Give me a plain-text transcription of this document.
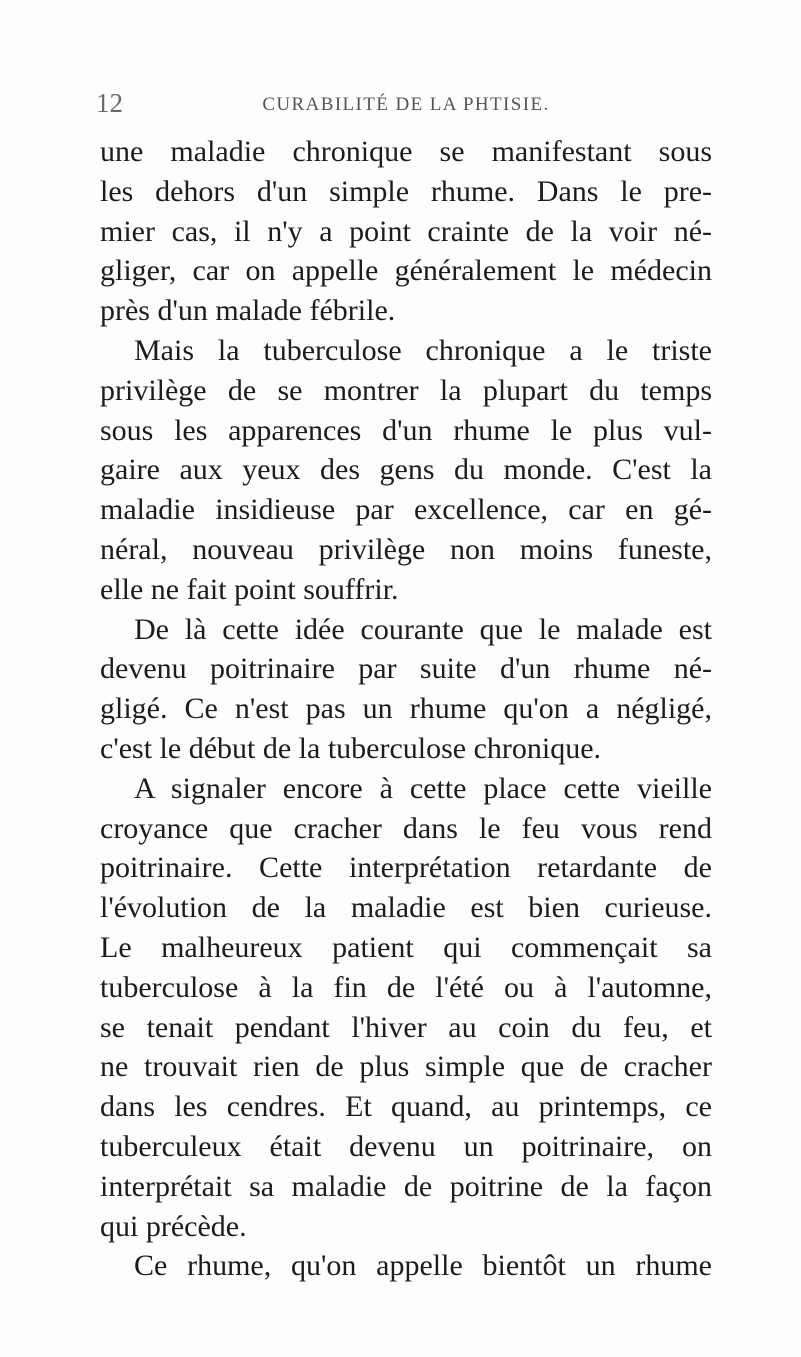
12	CURABILITÉ DE LA PHTISIE.
une maladie chronique se manifestant sous
les dehors d'un simple rhume. Dans le pre-
mier cas, il n'y a point crainte de la voir né-
gliger, car on appelle généralement le médecin
près d'un malade fébrile.
Mais la tuberculose chronique a le triste
privilège de se montrer la plupart du temps
sous les apparences d'un rhume le plus vul-
gaire aux yeux des gens du monde. C'est la
maladie insidieuse par excellence, car en gé-
néral, nouveau privilège non moins funeste,
elle ne fait point souffrir.
De là cette idée courante que le malade est
devenu poitrinaire par suite d'un rhume né-
gligé. Ce n'est pas un rhume qu'on a négligé,
c'est le début de la tuberculose chronique.
A signaler encore à cette place cette vieille
croyance que cracher dans le feu vous rend
poitrinaire. Cette interprétation retardante de
l'évolution de la maladie est bien curieuse.
Le malheureux patient qui commençait sa
tuberculose à la fin de l'été ou à l'automne,
se tenait pendant l'hiver au coin du feu, et
ne trouvait rien de plus simple que de cracher
dans les cendres. Et quand, au printemps, ce
tuberculeux était devenu un poitrinaire, on
interprétait sa maladie de poitrine de la façon
qui précède.
Ce rhume, qu'on appelle bientôt un rhume
